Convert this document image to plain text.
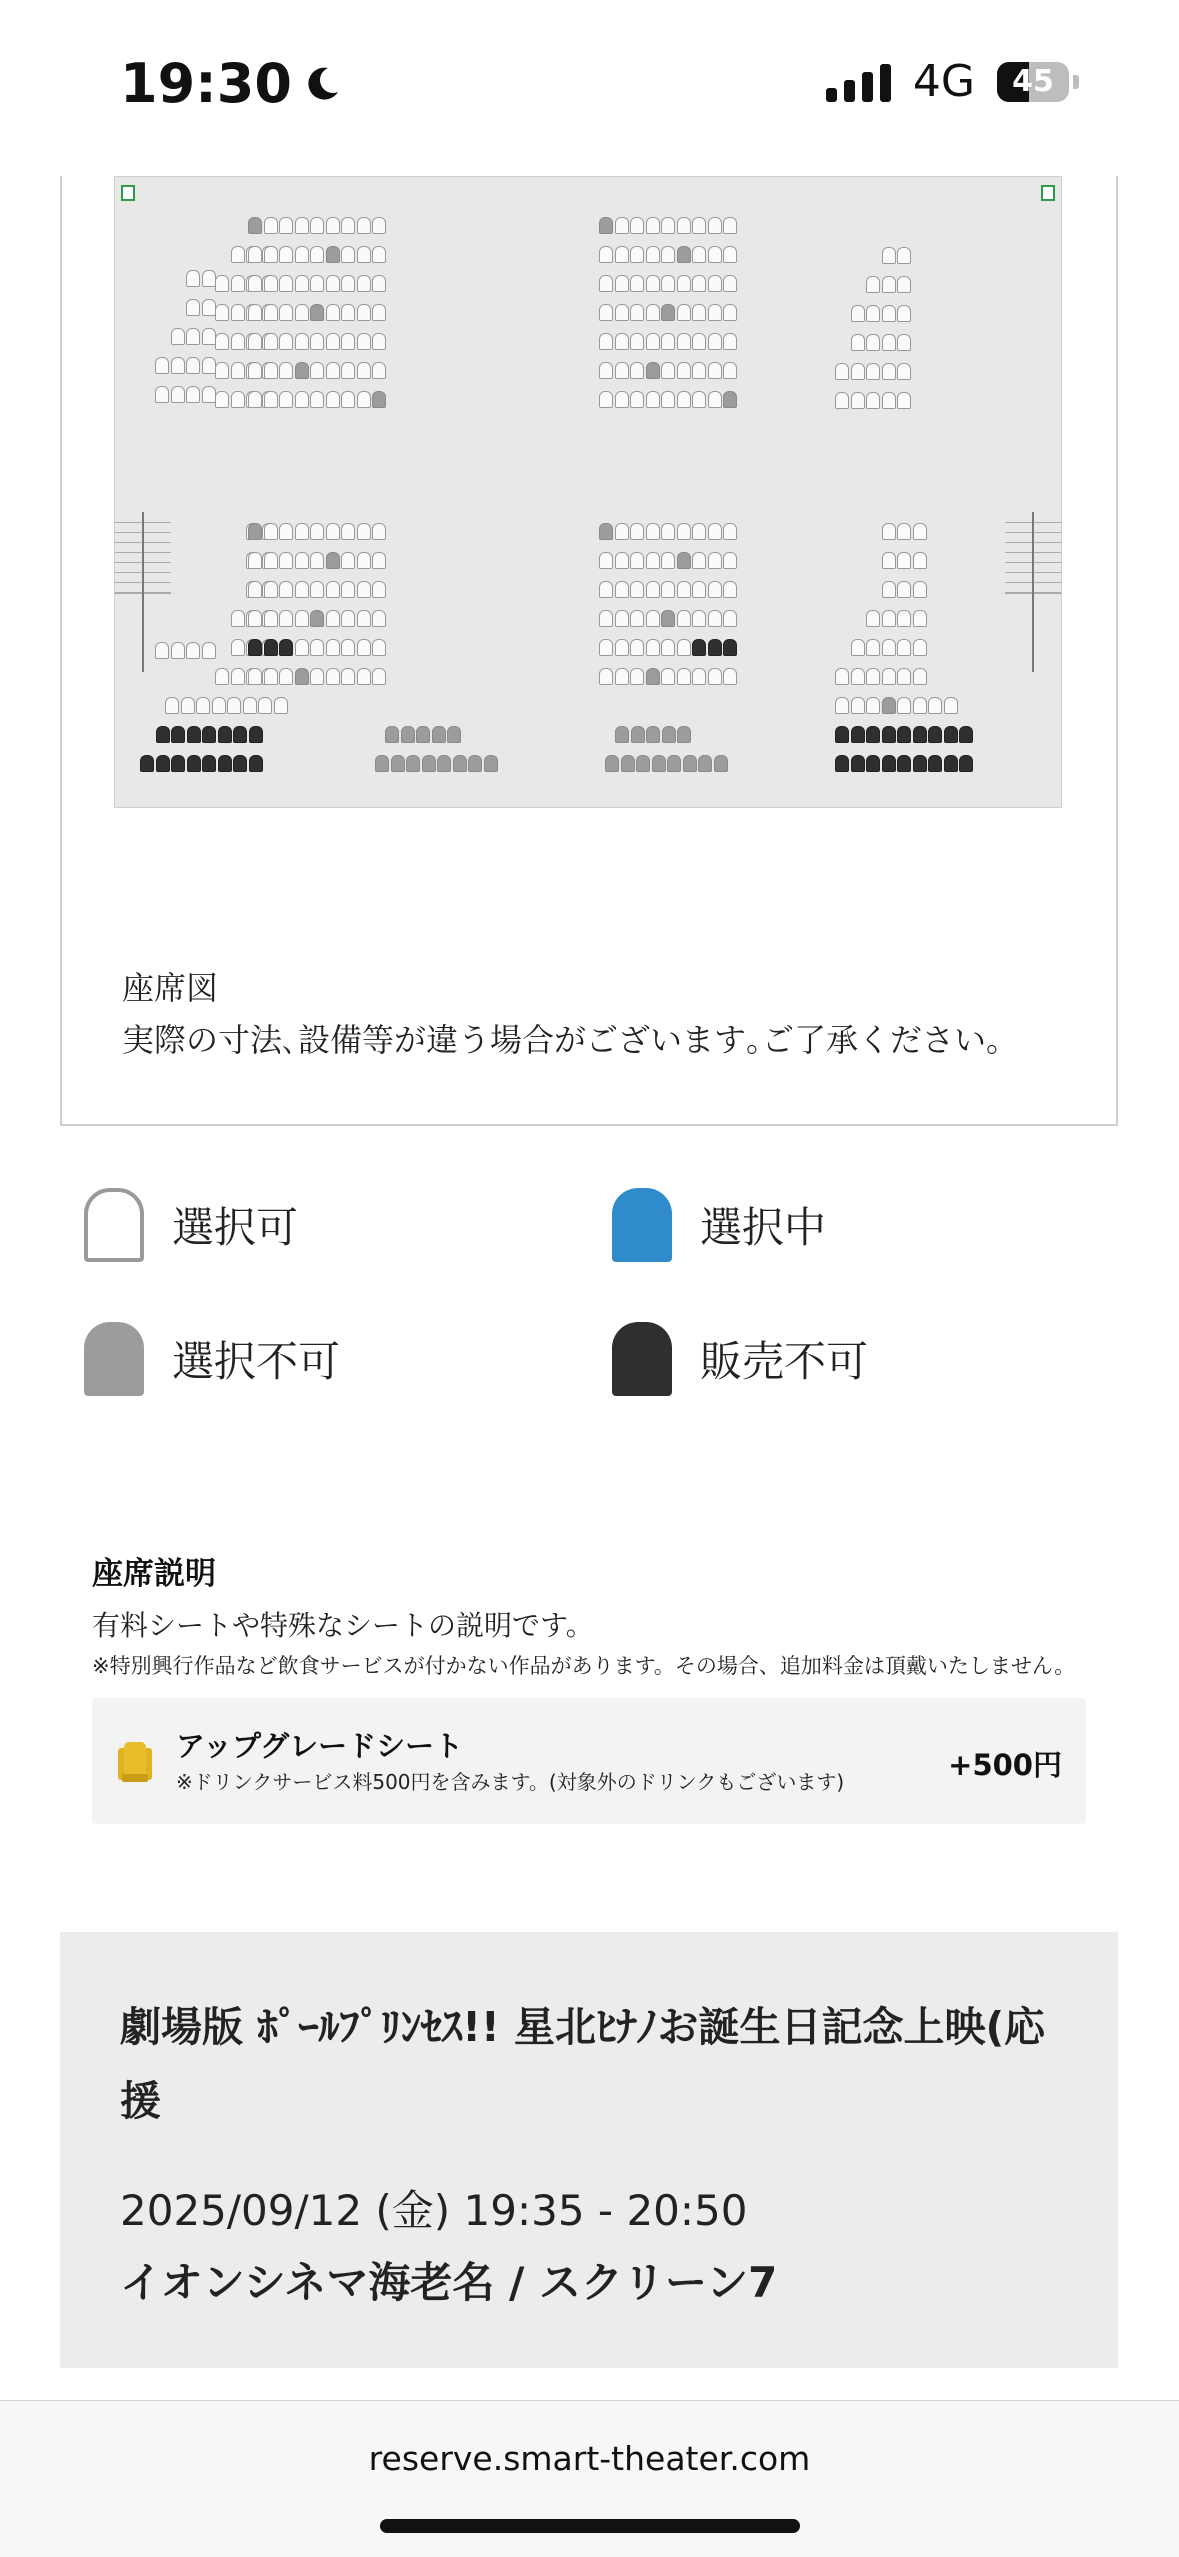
19:30	4G 45
座席図
実際の寸法､設備等が違う場合がございます｡ご了承ください｡
選択可	選択中
選択不可	販売不可
座席説明
有料シートや特殊なシートの説明です。
※特別興行作品など飲食サービスが付かない作品があります。その場合、追加料金は頂戴いたしません。
アップグレードシート
※ドリンクサービス料500円を含みます。(対象外のドリンクもございます)	+500円
劇場版 ﾎﾟｰﾙﾌﾟﾘﾝｾｽ!! 星北ﾋﾅﾉお誕生日記念上映(応援
2025/09/12 (金) 19:35 - 20:50
イオンシネマ海老名 / スクリーン7
reserve.smart-theater.com
